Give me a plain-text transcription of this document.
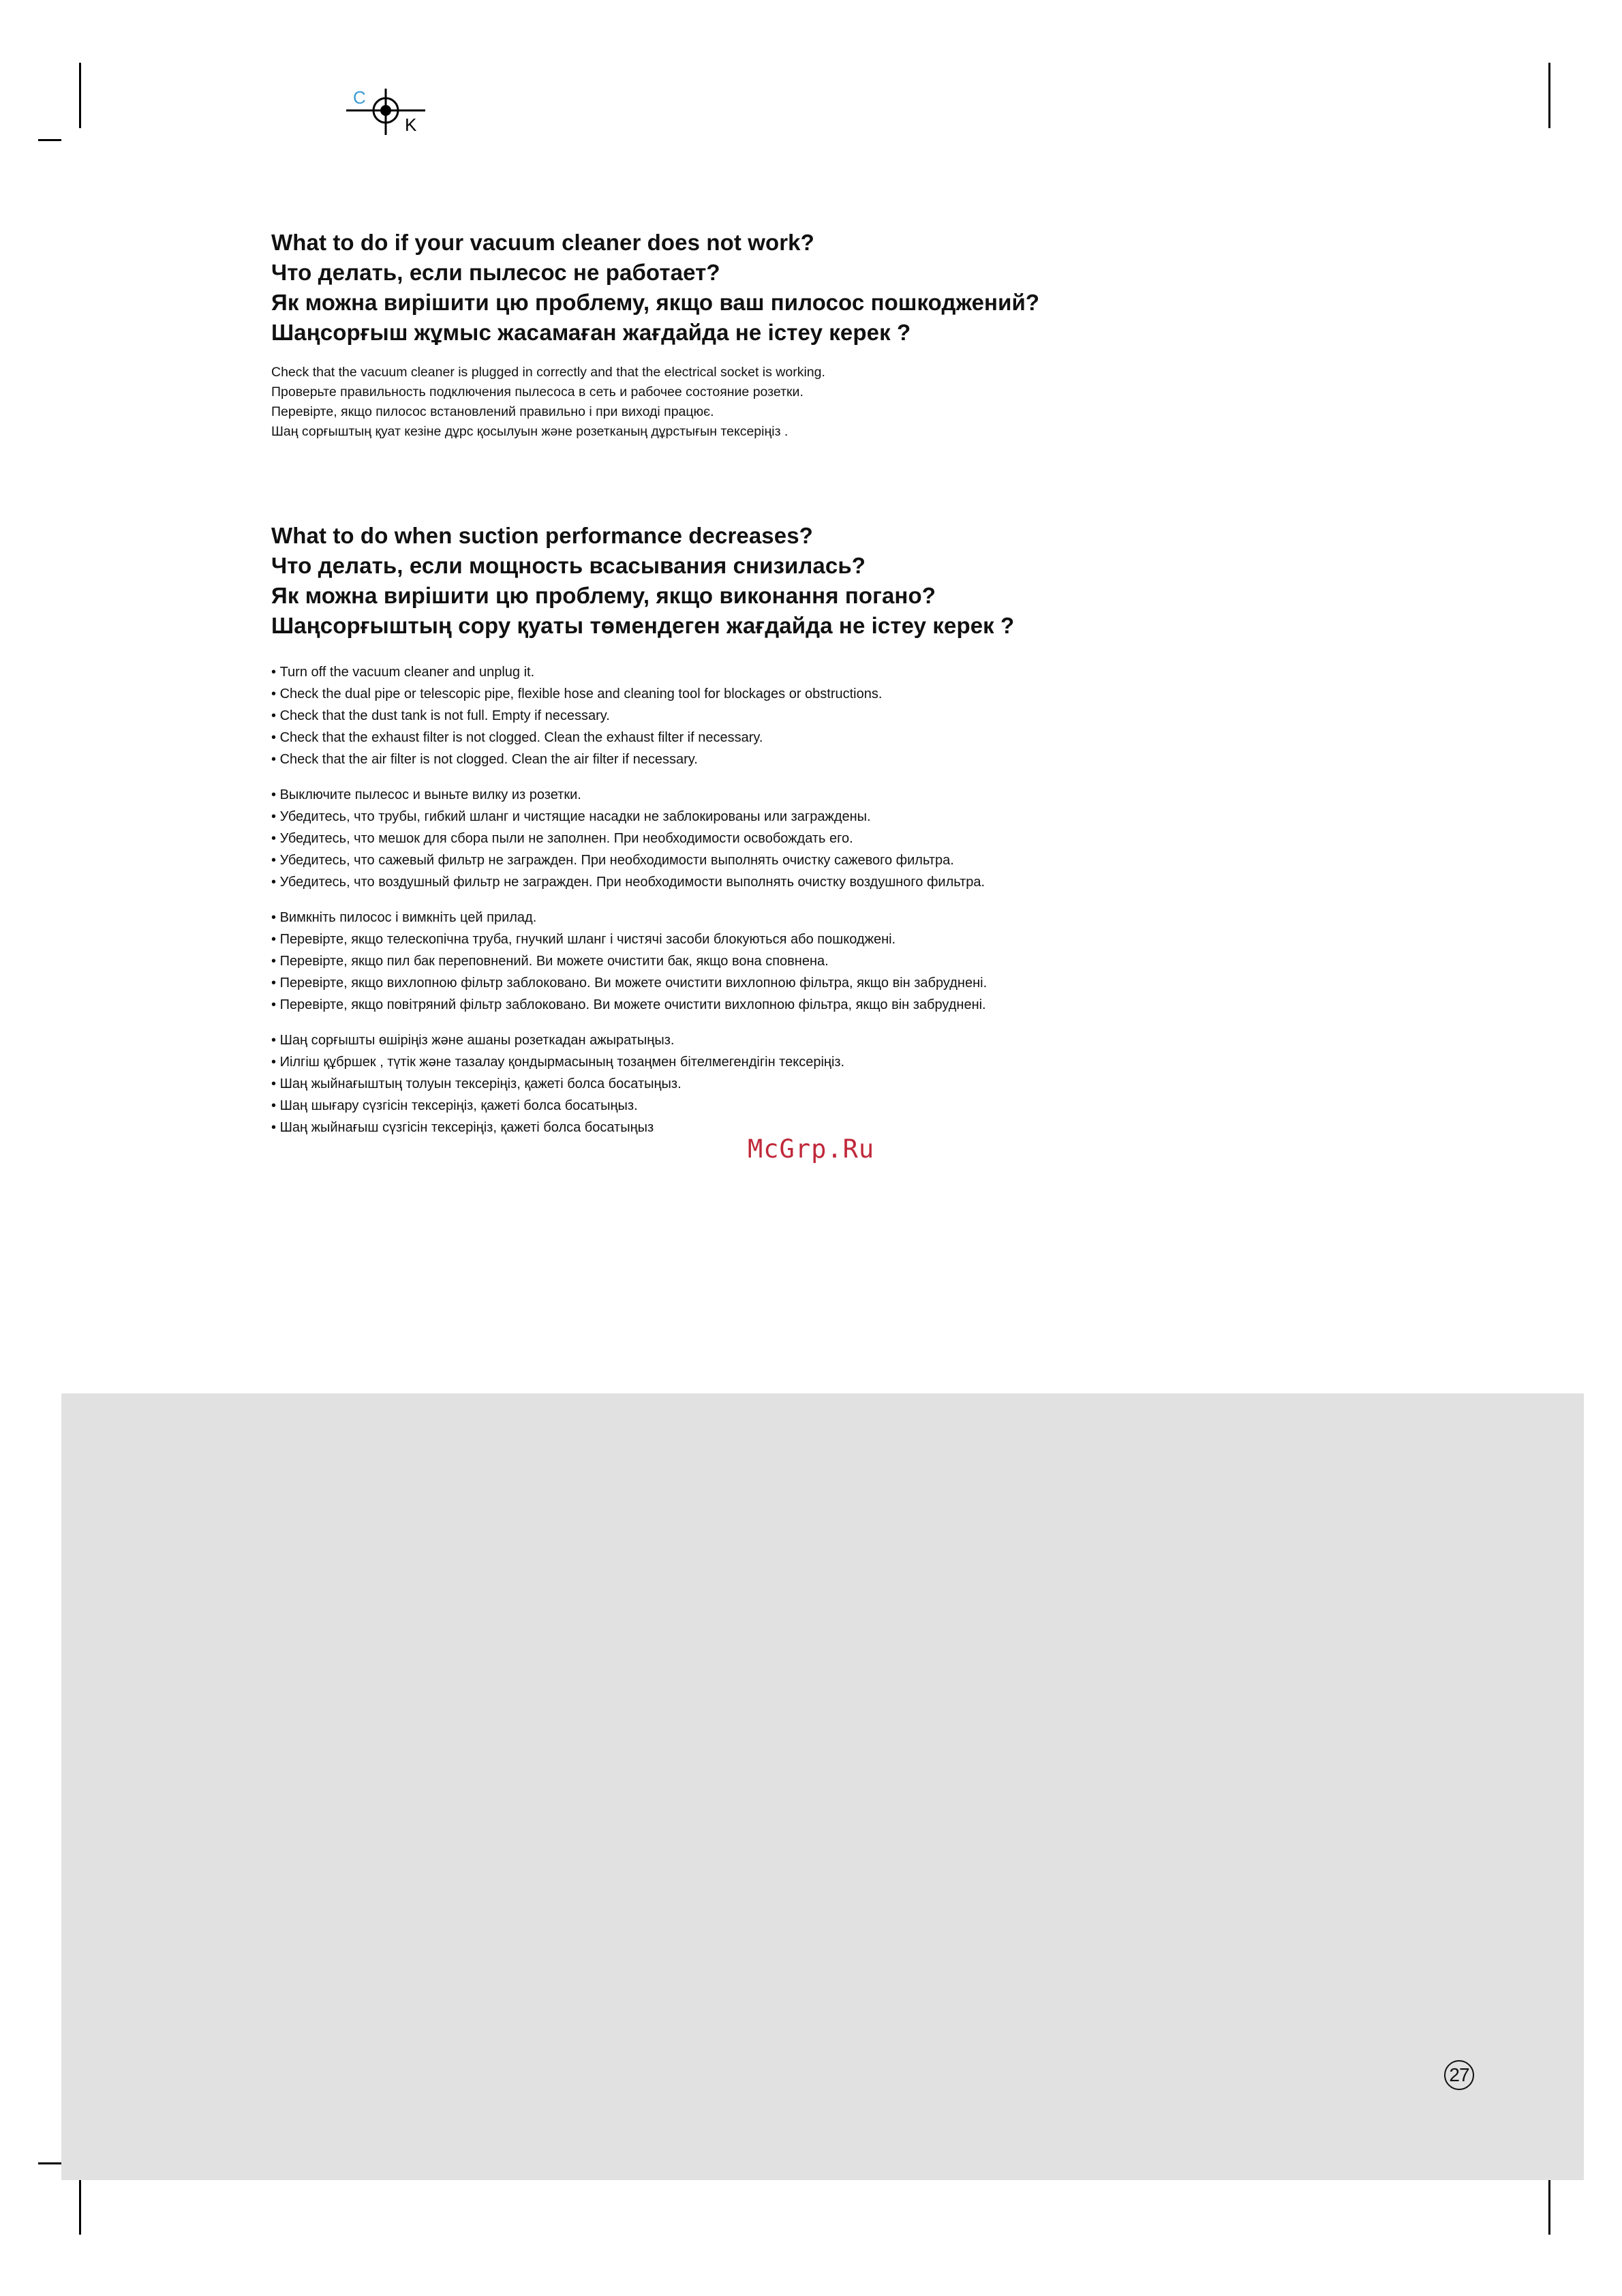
C
K

What to do if your vacuum cleaner does not work?

Что делать, если пылесос не работает?

Як можна вирішити цю проблему, якщо ваш пилосос пошкоджений?

Шаңсорғыш жұмыс жасамаған жағдайда не істеу керек ?

Check that the vacuum cleaner is plugged in correctly and that the electrical socket is working.

Проверьте правильность подключения пылесоса в сеть и рабочее состояние розетки.

Перевірте, якщо пилосос встановлений правильно і при виході працює.

Шаң сорғыштың қуат кезіне дұрс қосылуын және розетканың дұрстығын тексеріңіз .

What to do when suction performance decreases?

Что делать, если мощность всасывания снизилась?

Як можна вирішити цю проблему, якщо виконання погано?

Шаңсорғыштың сору қуаты төмендеген жағдайда не істеу керек ?

• Turn off the vacuum cleaner and unplug it.
• Check the dual pipe or telescopic pipe, flexible hose and cleaning tool for blockages or obstructions.
• Check that the dust tank is not full. Empty if necessary.
• Check that the exhaust filter is not clogged. Clean the exhaust filter if necessary.
• Check that the air filter is not clogged. Clean the air filter if necessary.
• Выключите пылесос и выньте вилку из розетки.
• Убедитесь, что трубы, гибкий шланг и чистящие насадки не заблокированы или заграждены.
• Убедитесь, что мешок для сбора пыли не заполнен. При необходимости освобождать его.
• Убедитесь, что сажевый фильтр не загражден. При необходимости выполнять очистку сажевого фильтра.
• Убедитесь, что воздушный фильтр не загражден. При необходимости выполнять очистку воздушного фильтра.
• Вимкніть пилосос і вимкніть цей прилад.
• Перевірте, якщо телескопічна труба, гнучкий шланг і чистячі засоби блокуються або пошкоджені.
• Перевірте, якщо пил бак переповнений. Ви можете очистити бак, якщо вона сповнена.
• Перевірте, якщо вихлопною фільтр заблоковано. Ви можете очистити вихлопною фільтра, якщо він забруднені.
• Перевірте, якщо повітряний фільтр заблоковано. Ви можете очистити вихлопною фільтра, якщо він забруднені.
• Шаң сорғышты өшіріңіз және ашаны розеткадан ажыратыңыз.
• Иілгіш құбршек , түтік және тазалау қондырмасының тозаңмен бітелмегендігін тексеріңіз.
• Шаң жыйнағыштың толуын тексеріңіз, қажеті болса босатыңыз.
• Шаң шығару сүзгісін тексеріңіз, қажеті болса босатыңыз.
• Шаң жыйнағыш сүзгісін тексеріңіз, қажеті болса босатыңыз
McGrp.Ru
27
